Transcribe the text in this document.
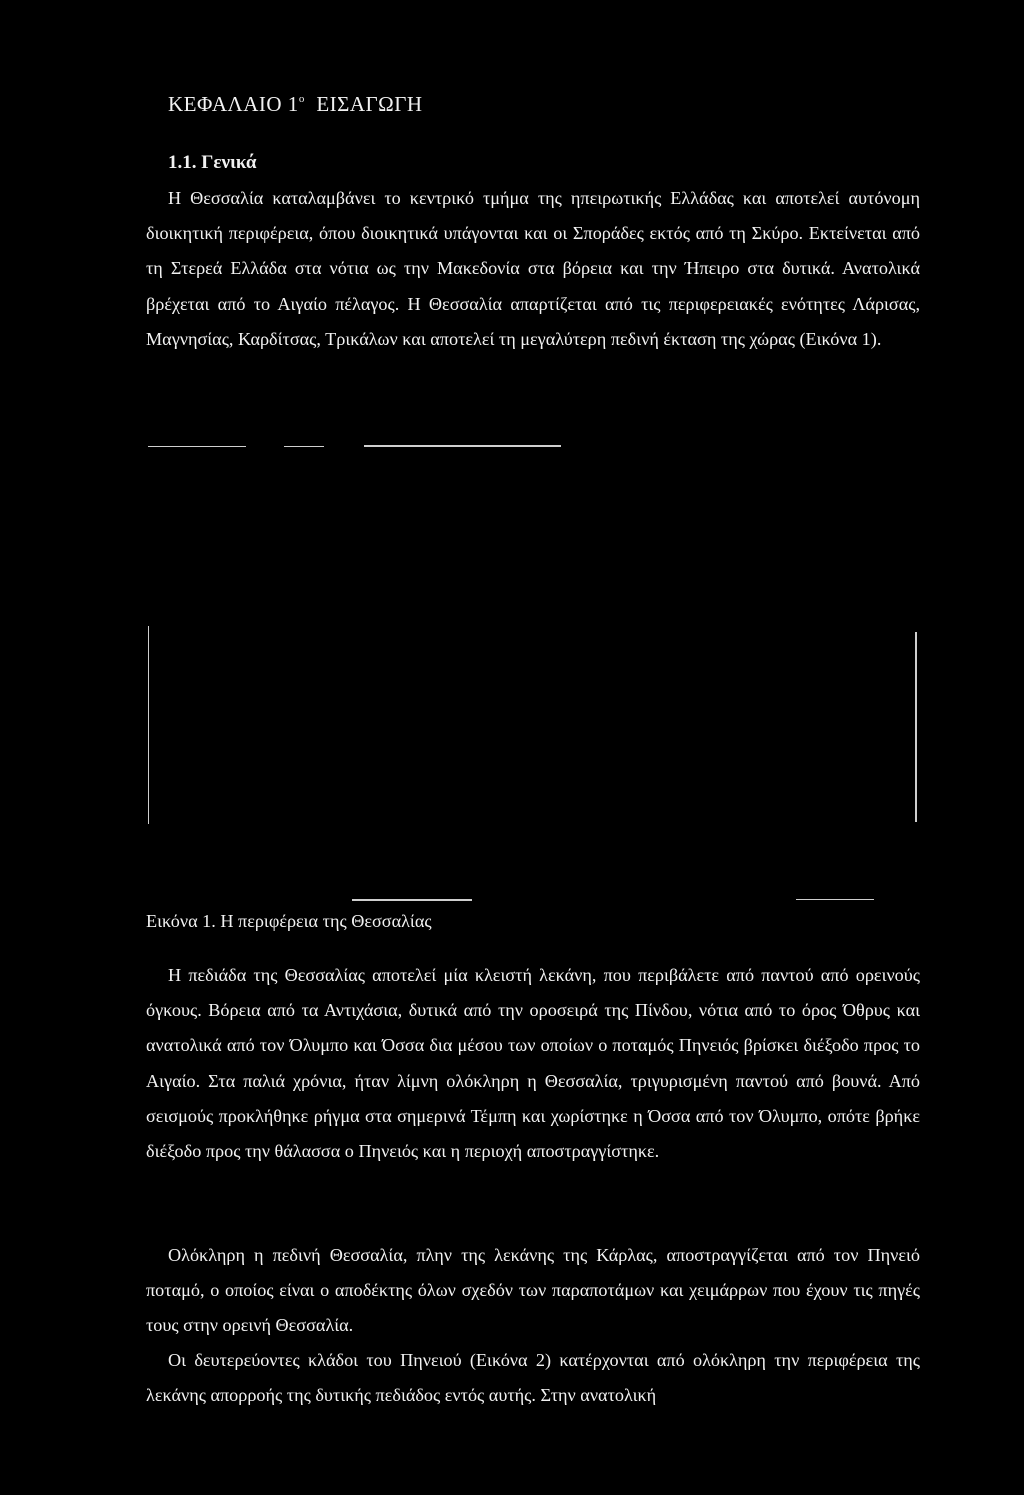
ΚΕΦΑΛΑΙΟ $1^o$ ΕΙΣΑΓΩΓΗ
1.1. Γενικά

Η Θεσσαλία καταλαμβάνει το κεντρικό τμήμα της ηπειρωτικής Ελλάδας και αποτελεί αυτόνομη διοικητική περιφέρεια, όπου διοικητικά υπάγονται και οι Σποράδες εκτός από τη Σκύρο. Εκτείνεται από τη Στερεά Ελλάδα στα νότια ως την Μακεδονία στα βόρεια και την Ήπειρο στα δυτικά. Ανατολικά βρέχεται από το Αιγαίο πέλαγος. Η Θεσσαλία απαρτίζεται από τις περιφερειακές ενότητες Λάρισας, Μαγνησίας, Καρδίτσας, Τρικάλων και αποτελεί τη μεγαλύτερη πεδινή έκταση της χώρας (Εικόνα 1).

Εικόνα 1. Η περιφέρεια της Θεσσαλίας

Η πεδιάδα της Θεσσαλίας αποτελεί μία κλειστή λεκάνη, που περιβάλετε από παντού από ορεινούς όγκους. Βόρεια από τα Αντιχάσια, δυτικά από την οροσειρά της Πίνδου, νότια από το όρος Όθρυς και ανατολικά από τον Όλυμπο και Όσσα δια μέσου των οποίων ο ποταμός Πηνειός βρίσκει διέξοδο προς το Αιγαίο. Στα παλιά χρόνια, ήταν λίμνη ολόκληρη η Θεσσαλία, τριγυρισμένη παντού από βουνά. Από σεισμούς προκλήθηκε ρήγμα στα σημερινά Τέμπη και χωρίστηκε η Όσσα από τον Όλυμπο, οπότε βρήκε διέξοδο προς την θάλασσα ο Πηνειός και η περιοχή αποστραγγίστηκε.

Ολόκληρη η πεδινή Θεσσαλία, πλην της λεκάνης της Κάρλας, αποστραγγίζεται από τον Πηνειό ποταμό, ο οποίος είναι ο αποδέκτης όλων σχεδόν των παραποτάμων και χειμάρρων που έχουν τις πηγές τους στην ορεινή Θεσσαλία.

Οι δευτερεύοντες κλάδοι του Πηνειού (Εικόνα 2) κατέρχονται από ολόκληρη την περιφέρεια της λεκάνης απορροής της δυτικής πεδιάδος εντός αυτής. Στην ανατολική
